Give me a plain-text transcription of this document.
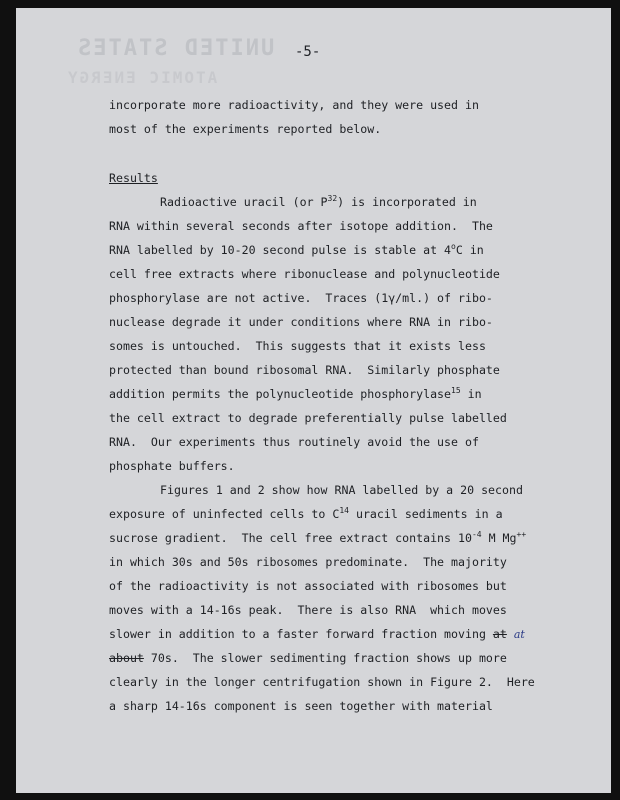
UNITED STATES
ATOMIC ENERGY
-5-
incorporate more radioactivity, and they were used in
most of the experiments reported below.
Results
Radioactive uracil (or $P^{32}$) is incorporated in
RNA within several seconds after isotope addition.  The
RNA labelled by 10-20 second pulse is stable at 4$^o$C in
cell free extracts where ribonuclease and polynucleotide
phosphorylase are not active.  Traces (1γ/ml.) of ribo-
nuclease degrade it under conditions where RNA in ribo-
somes is untouched.  This suggests that it exists less
protected than bound ribosomal RNA.  Similarly phosphate
addition permits the polynucleotide phosphorylase$^{15}$ in
the cell extract to degrade preferentially pulse labelled
RNA.  Our experiments thus routinely avoid the use of
phosphate buffers.
Figures 1 and 2 show how RNA labelled by a 20 second
exposure of uninfected cells to $C^{14}$ uracil sediments in a
sucrose gradient.  The cell free extract contains $10^{-4}$ M Mg++
in which 30s and 50s ribosomes predominate.  The majority
of the radioactivity is not associated with ribosomes but
moves with a 14-16s peak.  There is also RNA  which moves
slower in addition to a faster forward fraction moving at at
about 70s.  The slower sedimenting fraction shows up more
clearly in the longer centrifugation shown in Figure 2.  Here
a sharp 14-16s component is seen together with material
